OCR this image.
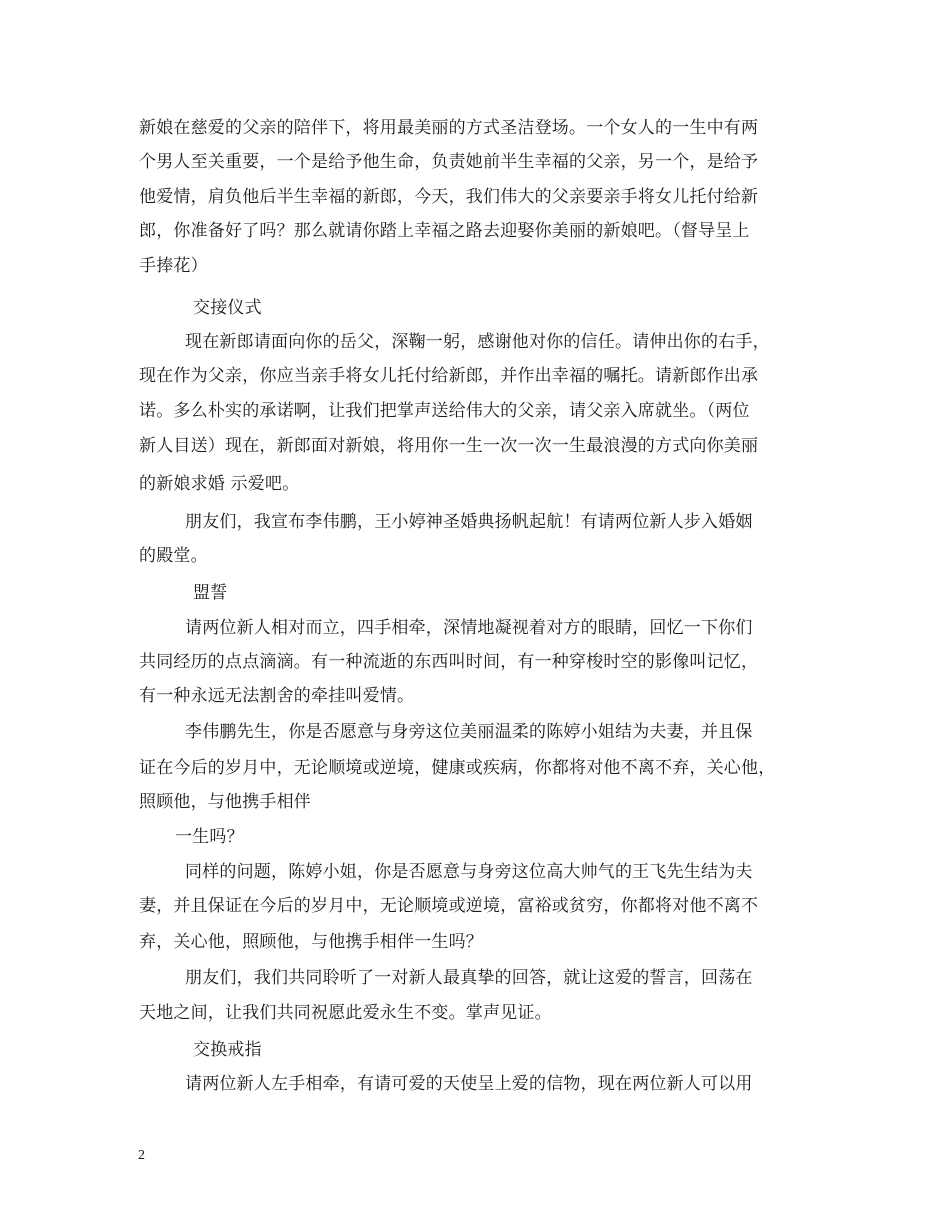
新娘在慈爱的父亲的陪伴下，将用最美丽的方式圣洁登场。一个女人的一生中有两
个男人至关重要，一个是给予他生命，负责她前半生幸福的父亲，另一个，是给予
他爱情，肩负他后半生幸福的新郎，今天，我们伟大的父亲要亲手将女儿托付给新
郎，你准备好了吗？那么就请你踏上幸福之路去迎娶你美丽的新娘吧。（督导呈上
手捧花）
交接仪式
现在新郎请面向你的岳父，深鞠一躬，感谢他对你的信任。请伸出你的右手，
现在作为父亲，你应当亲手将女儿托付给新郎，并作出幸福的嘱托。请新郎作出承
诺。多么朴实的承诺啊，让我们把掌声送给伟大的父亲，请父亲入席就坐。（两位
新人目送）现在，新郎面对新娘，将用你一生一次一次一生最浪漫的方式向你美丽
的新娘求婚 示爱吧。
朋友们，我宣布李伟鹏，王小婷神圣婚典扬帆起航！有请两位新人步入婚姻
的殿堂。
盟誓
请两位新人相对而立，四手相牵，深情地凝视着对方的眼睛，回忆一下你们
共同经历的点点滴滴。有一种流逝的东西叫时间，有一种穿梭时空的影像叫记忆，
有一种永远无法割舍的牵挂叫爱情。
李伟鹏先生，你是否愿意与身旁这位美丽温柔的陈婷小姐结为夫妻，并且保
证在今后的岁月中，无论顺境或逆境，健康或疾病，你都将对他不离不弃，关心他，
照顾他，与他携手相伴
一生吗？
同样的问题，陈婷小姐，你是否愿意与身旁这位高大帅气的王飞先生结为夫
妻，并且保证在今后的岁月中，无论顺境或逆境，富裕或贫穷，你都将对他不离不
弃，关心他，照顾他，与他携手相伴一生吗？
朋友们，我们共同聆听了一对新人最真挚的回答，就让这爱的誓言，回荡在
天地之间，让我们共同祝愿此爱永生不变。掌声见证。
交换戒指
请两位新人左手相牵，有请可爱的天使呈上爱的信物，现在两位新人可以用
2
